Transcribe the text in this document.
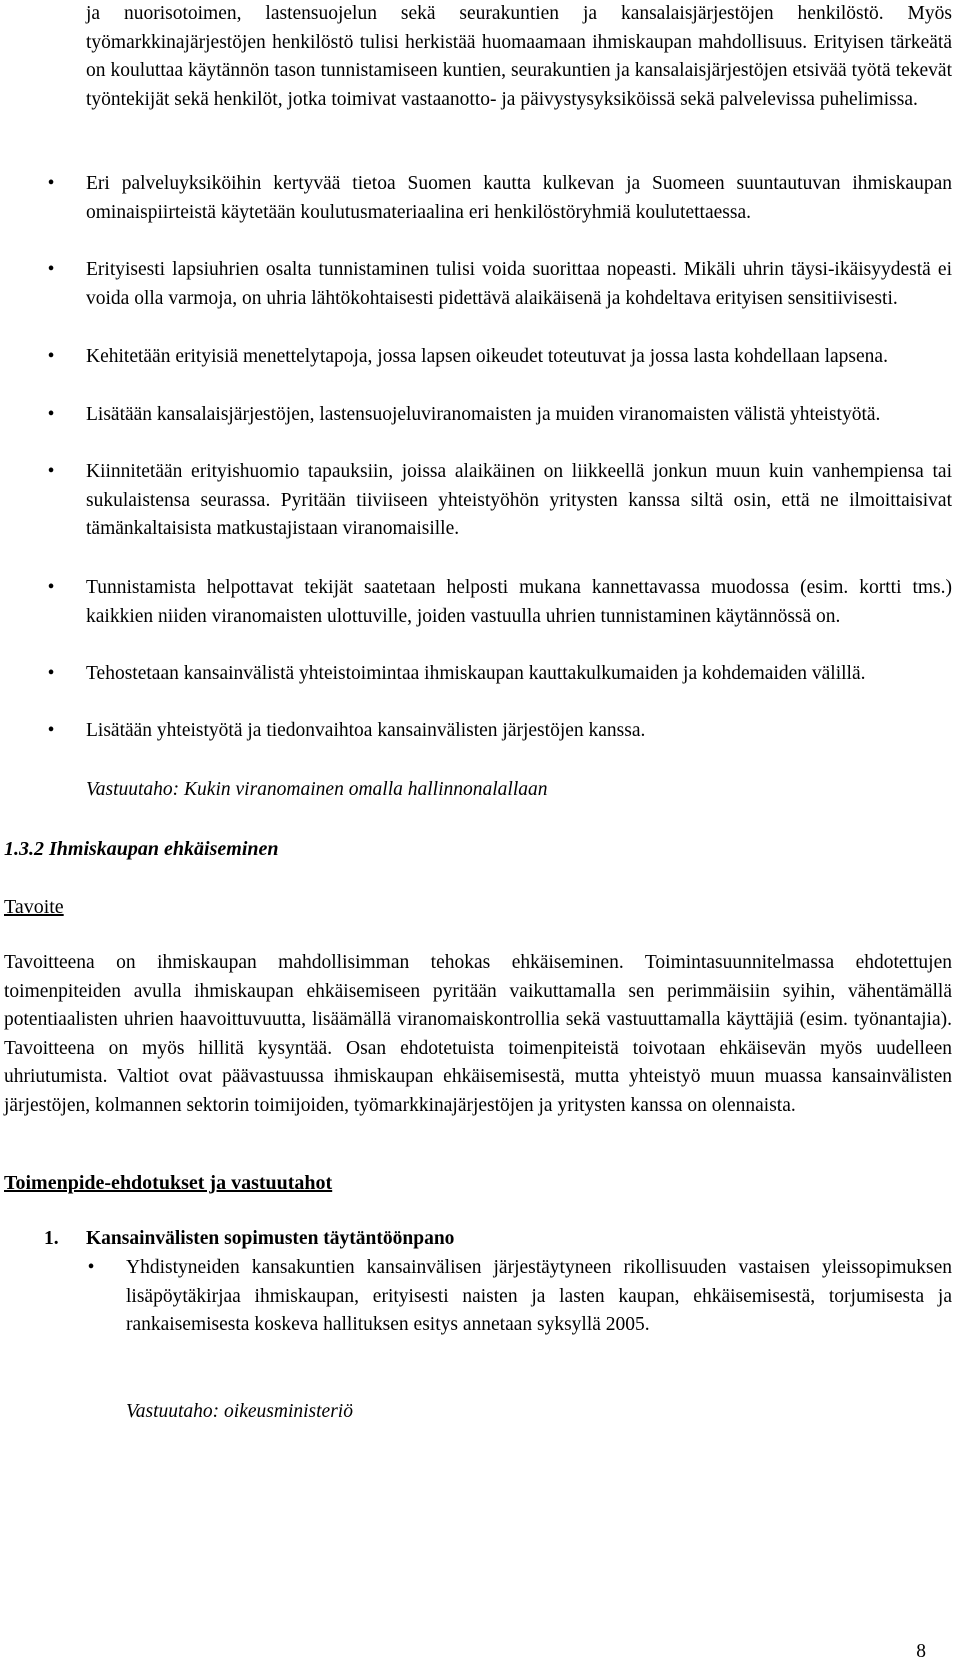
ja nuorisotoimen, lastensuojelun sekä seurakuntien ja kansalaisjärjestöjen henkilöstö. Myös työmarkkinajärjestöjen henkilöstö tulisi herkistää huomaamaan ihmiskaupan mahdollisuus. Erityisen tärkeätä on kouluttaa käytännön tason tunnistamiseen kuntien, seurakuntien ja kansalaisjärjestöjen etsivää työtä tekevät työntekijät sekä henkilöt, jotka toimivat vastaanotto- ja päivystysyksiköissä sekä palvelevissa puhelimissa.

• Eri palveluyksiköihin kertyvää tietoa Suomen kautta kulkevan ja Suomeen suuntautuvan ihmiskaupan ominaispiirteistä käytetään koulutusmateriaalina eri henkilöstöryhmiä koulutettaessa.

• Erityisesti lapsiuhrien osalta tunnistaminen tulisi voida suorittaa nopeasti. Mikäli uhrin täysi-ikäisyydestä ei voida olla varmoja, on uhria lähtökohtaisesti pidettävä alaikäisenä ja kohdeltava erityisen sensitiivisesti.

• Kehitetään erityisiä menettelytapoja, jossa lapsen oikeudet toteutuvat ja jossa lasta kohdellaan lapsena.

• Lisätään kansalaisjärjestöjen, lastensuojeluviranomaisten ja muiden viranomaisten välistä yhteistyötä.

• Kiinnitetään erityishuomio tapauksiin, joissa alaikäinen on liikkeellä jonkun muun kuin vanhempiensa tai sukulaistensa seurassa. Pyritään tiiviiseen yhteistyöhön yritysten kanssa siltä osin, että ne ilmoittaisivat tämänkaltaisista matkustajistaan viranomaisille.

• Tunnistamista helpottavat tekijät saatetaan helposti mukana kannettavassa muodossa (esim. kortti tms.) kaikkien niiden viranomaisten ulottuville, joiden vastuulla uhrien tunnistaminen käytännössä on.

• Tehostetaan kansainvälistä yhteistoimintaa ihmiskaupan kauttakulkumaiden ja kohdemaiden välillä.

• Lisätään yhteistyötä ja tiedonvaihtoa kansainvälisten järjestöjen kanssa.

Vastuutaho: Kukin viranomainen omalla hallinnonalallaan

1.3.2 Ihmiskaupan ehkäiseminen

Tavoite

Tavoitteena on ihmiskaupan mahdollisimman tehokas ehkäiseminen. Toimintasuunnitelmassa ehdotettujen toimenpiteiden avulla ihmiskaupan ehkäisemiseen pyritään vaikuttamalla sen perimmäisiin syihin, vähentämällä potentiaalisten uhrien haavoittuvuutta, lisäämällä viranomaiskontrollia sekä vastuuttamalla käyttäjiä (esim. työnantajia). Tavoitteena on myös hillitä kysyntää. Osan ehdotetuista toimenpiteistä toivotaan ehkäisevän myös uudelleen uhriutumista. Valtiot ovat päävastuussa ihmiskaupan ehkäisemisestä, mutta yhteistyö muun muassa kansainvälisten järjestöjen, kolmannen sektorin toimijoiden, työmarkkinajärjestöjen ja yritysten kanssa on olennaista.

Toimenpide-ehdotukset ja vastuutahot

1. Kansainvälisten sopimusten täytäntöönpano
• Yhdistyneiden kansakuntien kansainvälisen järjestäytyneen rikollisuuden vastaisen yleissopimuksen lisäpöytäkirjaa ihmiskaupan, erityisesti naisten ja lasten kaupan, ehkäisemisestä, torjumisesta ja rankaisemisesta koskeva hallituksen esitys annetaan syksyllä 2005.

Vastuutaho: oikeusministeriö

8
